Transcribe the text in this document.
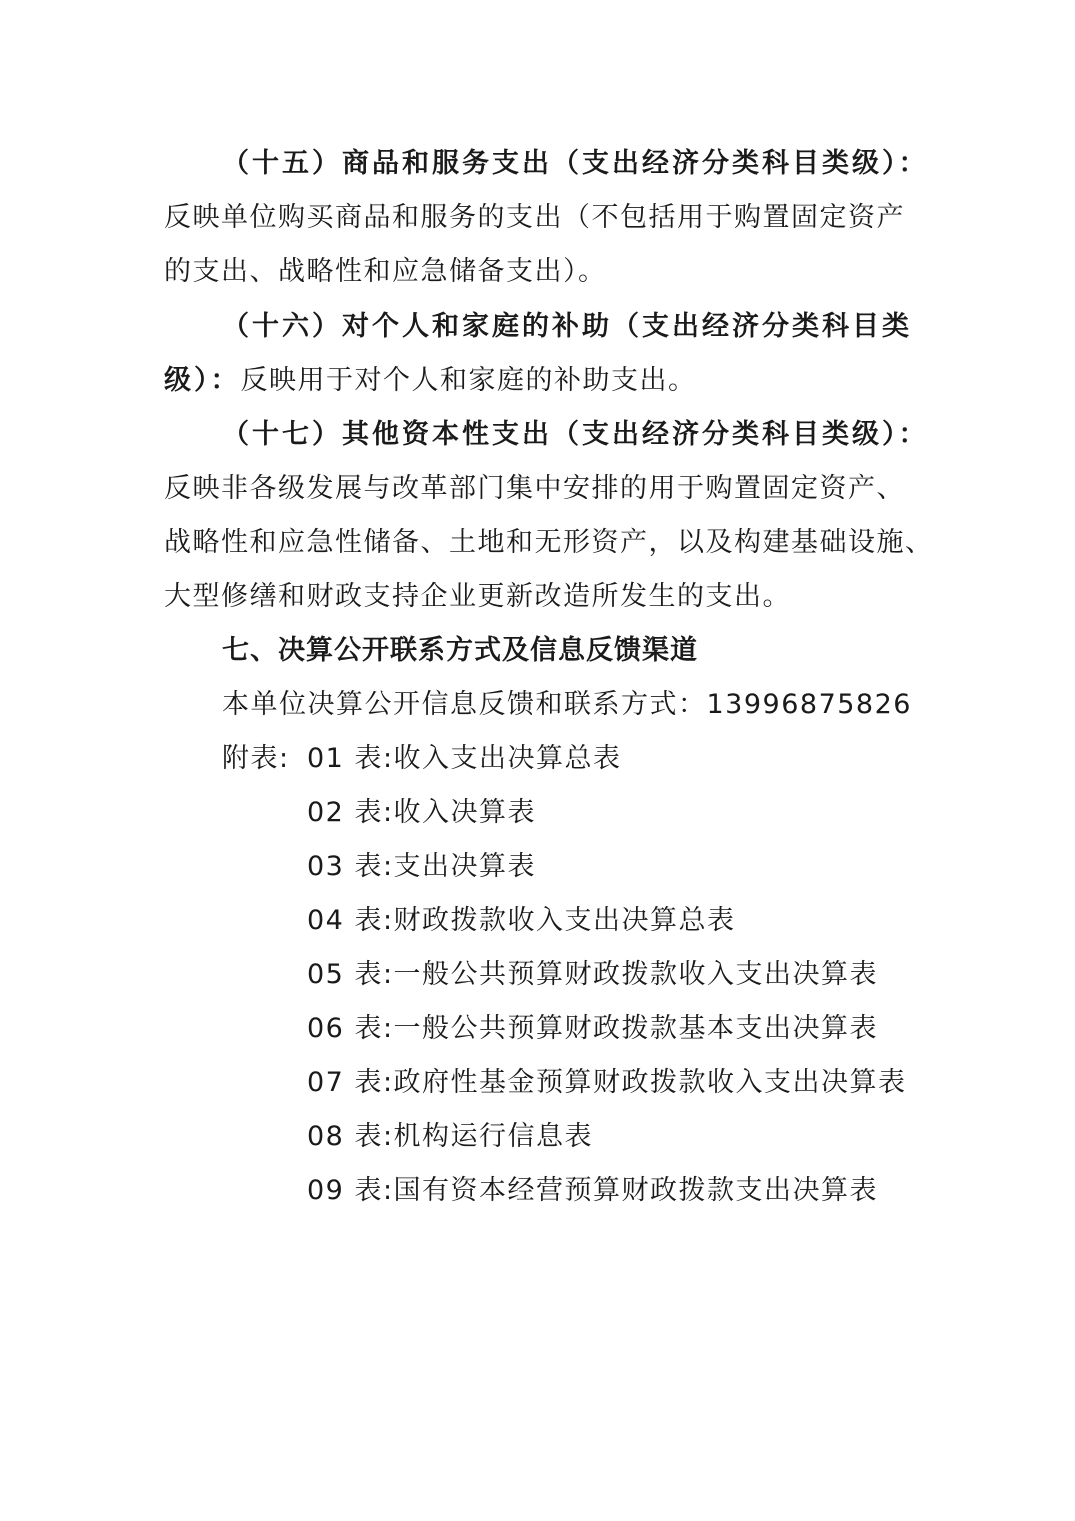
（十五）商品和服务支出（支出经济分类科目类级）：
反映单位购买商品和服务的支出（不包括用于购置固定资产
的支出、战略性和应急储备支出）。
（十六）对个人和家庭的补助（支出经济分类科目类
级）：反映用于对个人和家庭的补助支出。
（十七）其他资本性支出（支出经济分类科目类级）：
反映非各级发展与改革部门集中安排的用于购置固定资产、
战略性和应急性储备、土地和无形资产，以及构建基础设施、
大型修缮和财政支持企业更新改造所发生的支出。
七、决算公开联系方式及信息反馈渠道
本单位决算公开信息反馈和联系方式：13996875826
附表: 01 表:收入支出决算总表
02 表:收入决算表
03 表:支出决算表
04 表:财政拨款收入支出决算总表
05 表:一般公共预算财政拨款收入支出决算表
06 表:一般公共预算财政拨款基本支出决算表
07 表:政府性基金预算财政拨款收入支出决算表
08 表:机构运行信息表
09 表:国有资本经营预算财政拨款支出决算表
